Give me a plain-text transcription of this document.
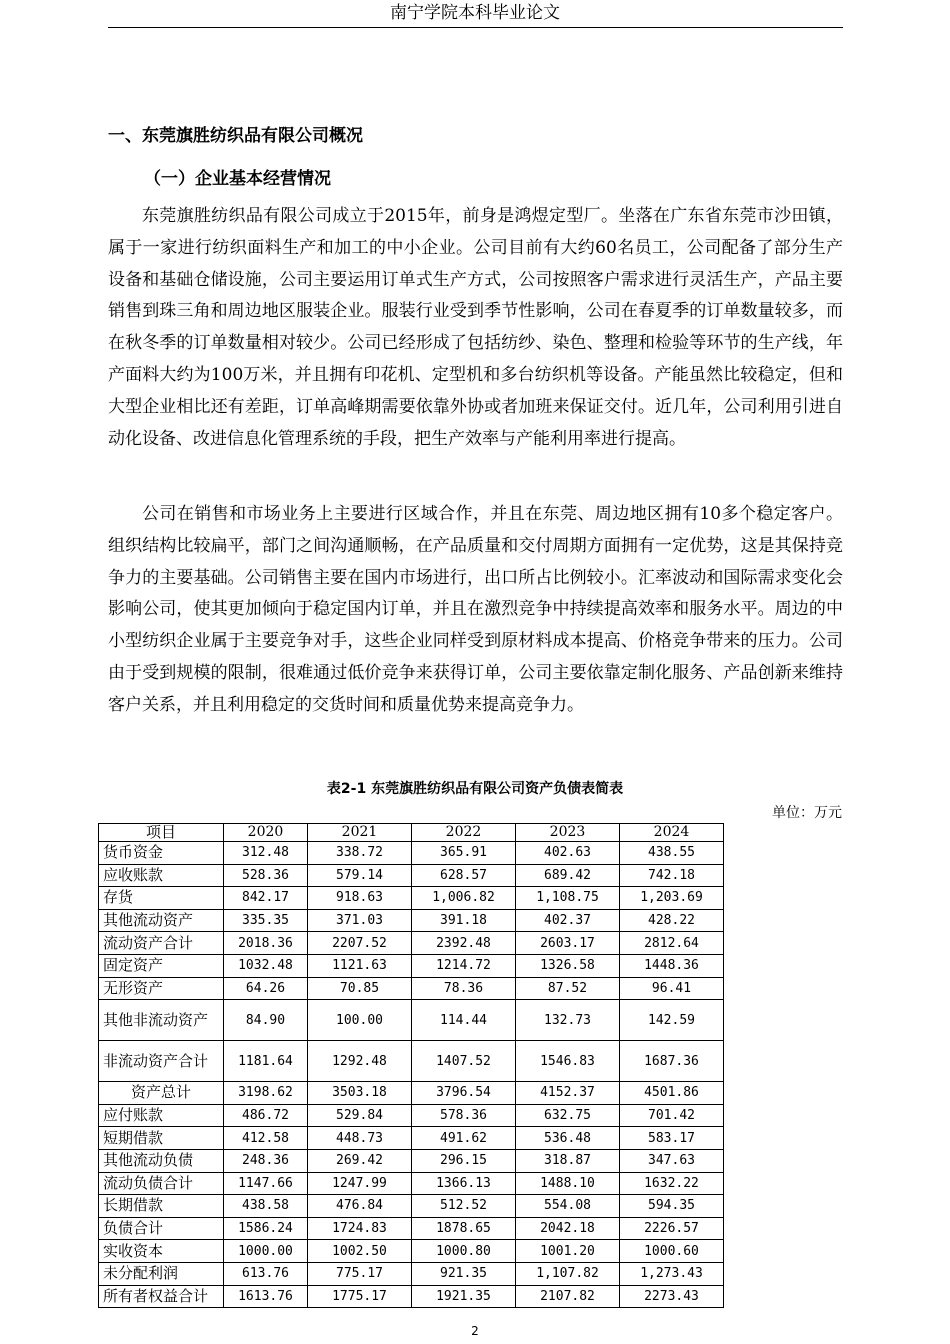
南宁学院本科毕业论文
一、东莞旗胜纺织品有限公司概况
（一）企业基本经营情况

东莞旗胜纺织品有限公司成立于2015年，前身是鸿煜定型厂。坐落在广东省东莞市沙田镇，属于一家进行纺织面料生产和加工的中小企业。公司目前有大约60名员工，公司配备了部分生产设备和基础仓储设施，公司主要运用订单式生产方式，公司按照客户需求进行灵活生产，产品主要销售到珠三角和周边地区服装企业。服装行业受到季节性影响，公司在春夏季的订单数量较多，而在秋冬季的订单数量相对较少。公司已经形成了包括纺纱、染色、整理和检验等环节的生产线，年产面料大约为100万米，并且拥有印花机、定型机和多台纺织机等设备。产能虽然比较稳定，但和大型企业相比还有差距，订单高峰期需要依靠外协或者加班来保证交付。近几年，公司利用引进自动化设备、改进信息化管理系统的手段，把生产效率与产能利用率进行提高。

公司在销售和市场业务上主要进行区域合作，并且在东莞、周边地区拥有10多个稳定客户。组织结构比较扁平，部门之间沟通顺畅，在产品质量和交付周期方面拥有一定优势，这是其保持竞争力的主要基础。公司销售主要在国内市场进行，出口所占比例较小。汇率波动和国际需求变化会影响公司，使其更加倾向于稳定国内订单，并且在激烈竞争中持续提高效率和服务水平。周边的中小型纺织企业属于主要竞争对手，这些企业同样受到原材料成本提高、价格竞争带来的压力。公司由于受到规模的限制，很难通过低价竞争来获得订单，公司主要依靠定制化服务、产品创新来维持客户关系，并且利用稳定的交货时间和质量优势来提高竞争力。

表2-1 东莞旗胜纺织品有限公司资产负债表简表
单位：万元
项目	2020	2021	2022	2023	2024
货币资金	312.48	338.72	365.91	402.63	438.55
应收账款	528.36	579.14	628.57	689.42	742.18
存货	842.17	918.63	1,006.82	1,108.75	1,203.69
其他流动资产	335.35	371.03	391.18	402.37	428.22
流动资产合计	2018.36	2207.52	2392.48	2603.17	2812.64
固定资产	1032.48	1121.63	1214.72	1326.58	1448.36
无形资产	64.26	70.85	78.36	87.52	96.41
其他非流动资产	84.90	100.00	114.44	132.73	142.59
非流动资产合计	1181.64	1292.48	1407.52	1546.83	1687.36
资产总计	3198.62	3503.18	3796.54	4152.37	4501.86
应付账款	486.72	529.84	578.36	632.75	701.42
短期借款	412.58	448.73	491.62	536.48	583.17
其他流动负债	248.36	269.42	296.15	318.87	347.63
流动负债合计	1147.66	1247.99	1366.13	1488.10	1632.22
长期借款	438.58	476.84	512.52	554.08	594.35
负债合计	1586.24	1724.83	1878.65	2042.18	2226.57
实收资本	1000.00	1002.50	1000.80	1001.20	1000.60
未分配利润	613.76	775.17	921.35	1,107.82	1,273.43
所有者权益合计	1613.76	1775.17	1921.35	2107.82	2273.43
2
